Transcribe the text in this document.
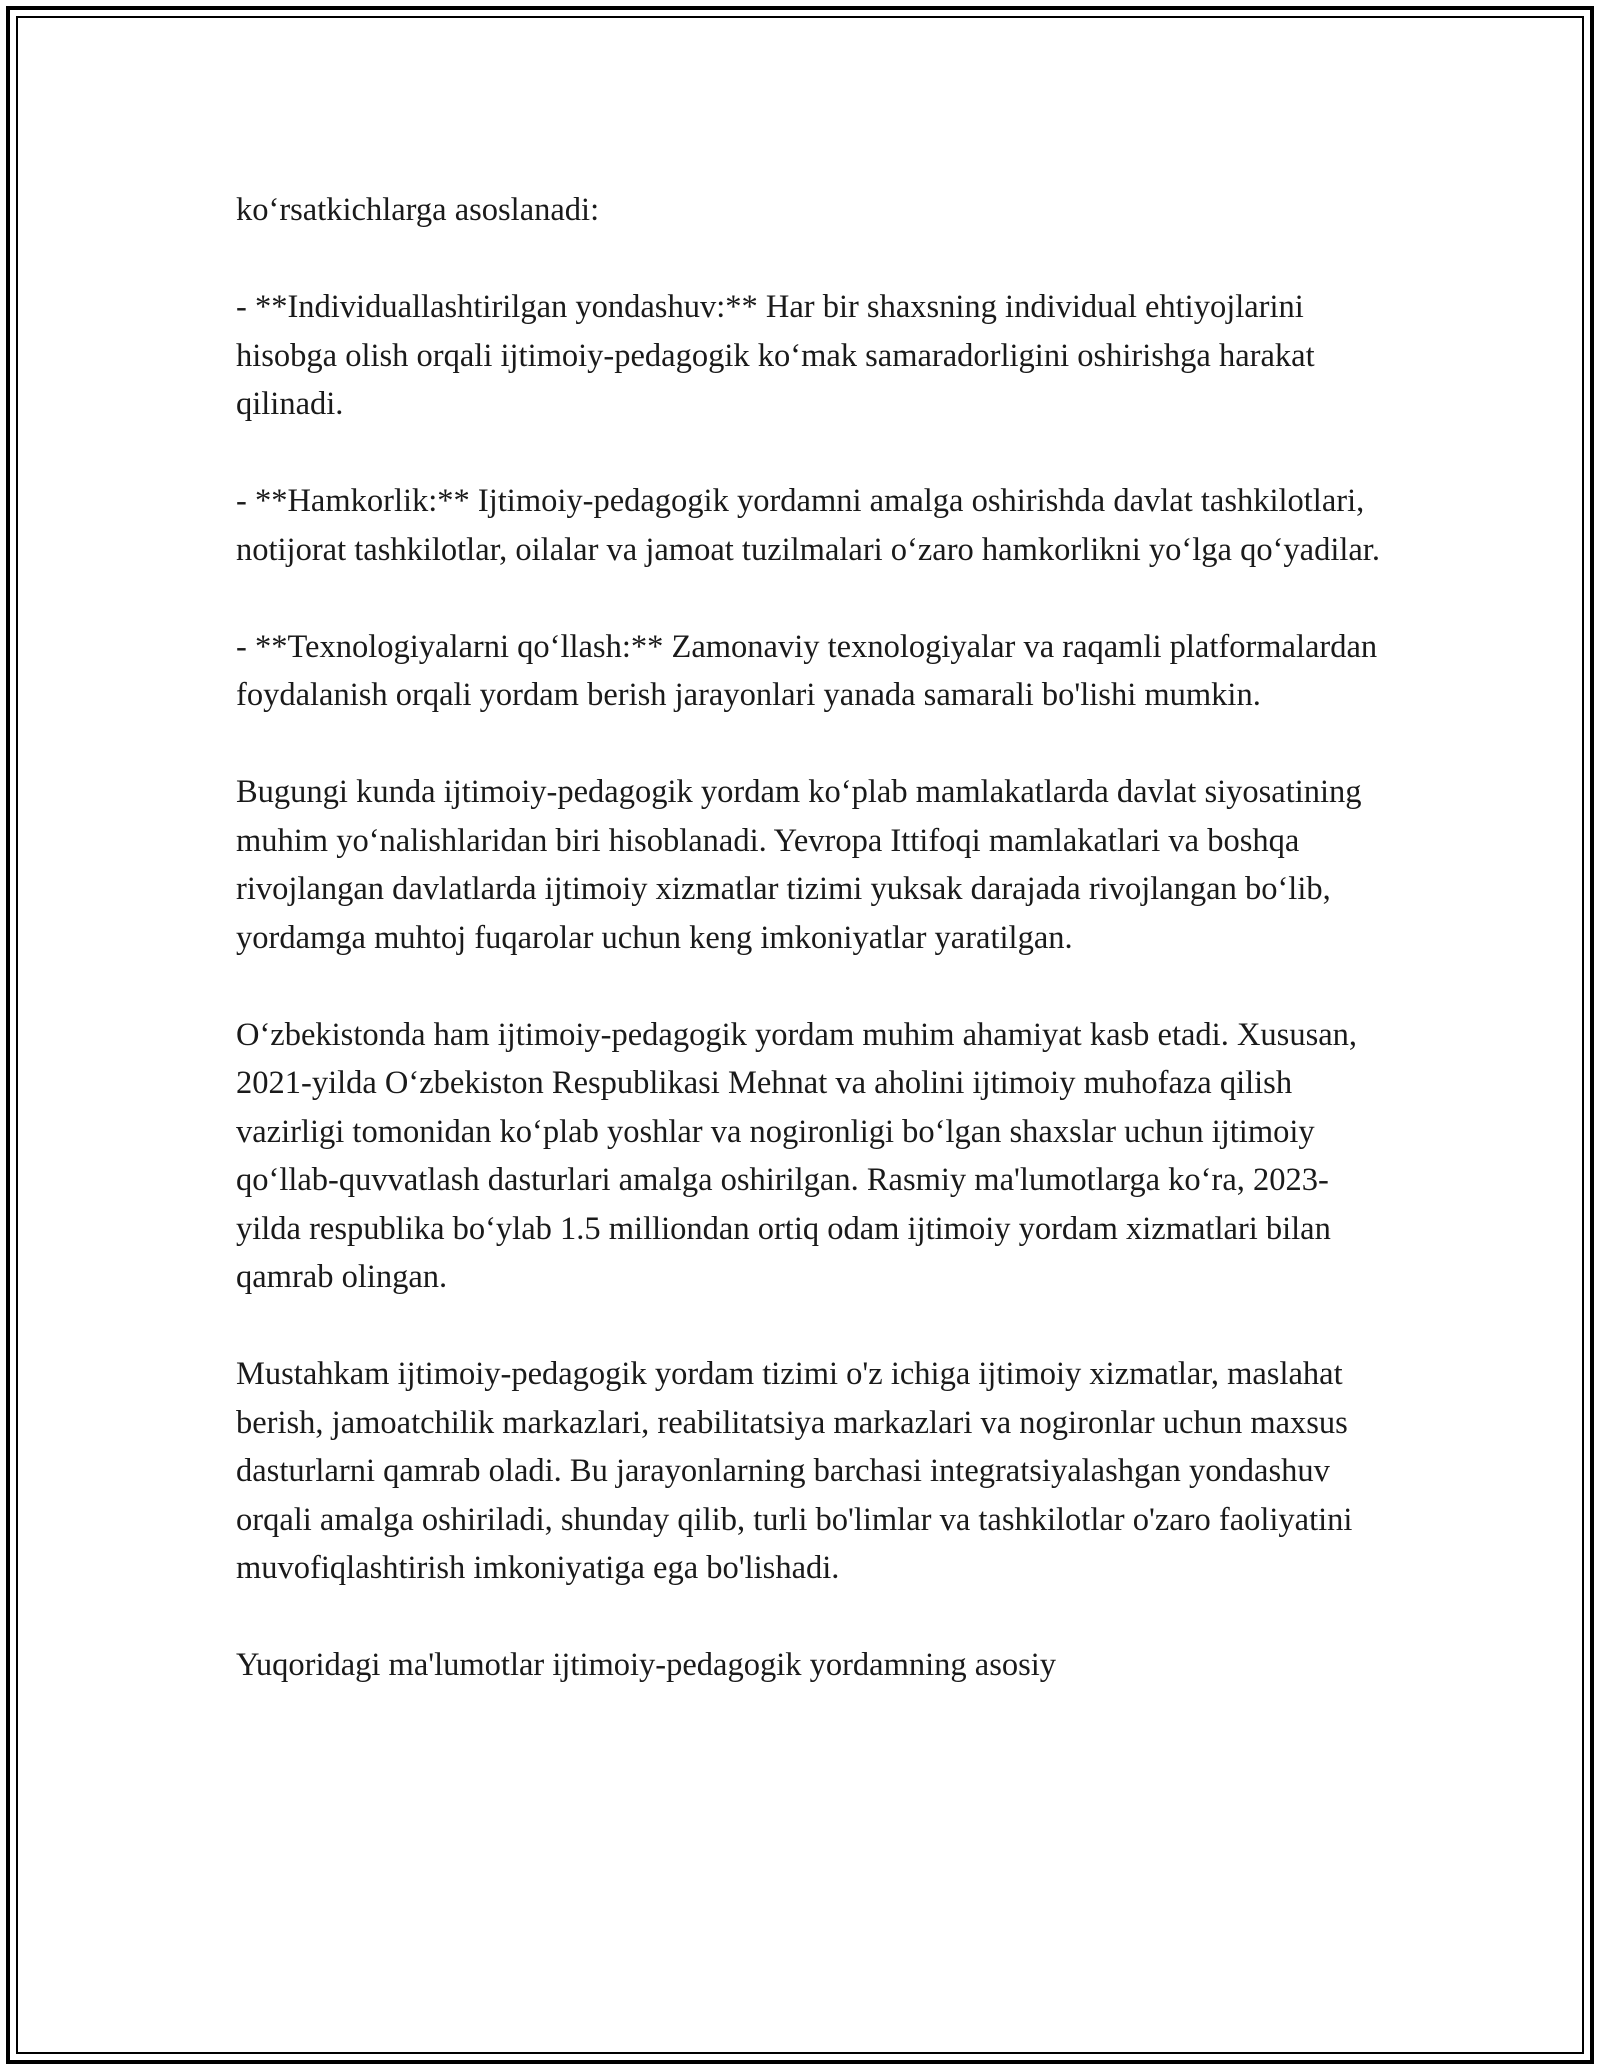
ko‘rsatkichlarga asoslanadi:

- **Individuallashtirilgan yondashuv:** Har bir shaxsning individual ehtiyojlarini hisobga olish orqali ijtimoiy-pedagogik ko‘mak samaradorligini oshirishga harakat qilinadi.

- **Hamkorlik:** Ijtimoiy-pedagogik yordamni amalga oshirishda davlat tashkilotlari, notijorat tashkilotlar, oilalar va jamoat tuzilmalari o‘zaro hamkorlikni yo‘lga qo‘yadilar.

- **Texnologiyalarni qo‘llash:** Zamonaviy texnologiyalar va raqamli platformalardan foydalanish orqali yordam berish jarayonlari yanada samarali bo'lishi mumkin.

Bugungi kunda ijtimoiy-pedagogik yordam ko‘plab mamlakatlarda davlat siyosatining muhim yo‘nalishlaridan biri hisoblanadi. Yevropa Ittifoqi mamlakatlari va boshqa rivojlangan davlatlarda ijtimoiy xizmatlar tizimi yuksak darajada rivojlangan bo‘lib, yordamga muhtoj fuqarolar uchun keng imkoniyatlar yaratilgan.

O‘zbekistonda ham ijtimoiy-pedagogik yordam muhim ahamiyat kasb etadi. Xususan, 2021-yilda O‘zbekiston Respublikasi Mehnat va aholini ijtimoiy muhofaza qilish vazirligi tomonidan ko‘plab yoshlar va nogironligi bo‘lgan shaxslar uchun ijtimoiy qo‘llab-quvvatlash dasturlari amalga oshirilgan. Rasmiy ma'lumotlarga ko‘ra, 2023-yilda respublika bo‘ylab 1.5 milliondan ortiq odam ijtimoiy yordam xizmatlari bilan qamrab olingan.

Mustahkam ijtimoiy-pedagogik yordam tizimi o'z ichiga ijtimoiy xizmatlar, maslahat berish, jamoatchilik markazlari, reabilitatsiya markazlari va nogironlar uchun maxsus dasturlarni qamrab oladi. Bu jarayonlarning barchasi integratsiyalashgan yondashuv orqali amalga oshiriladi, shunday qilib, turli bo'limlar va tashkilotlar o'zaro faoliyatini muvofiqlashtirish imkoniyatiga ega bo'lishadi.

Yuqoridagi ma'lumotlar ijtimoiy-pedagogik yordamning asosiy
